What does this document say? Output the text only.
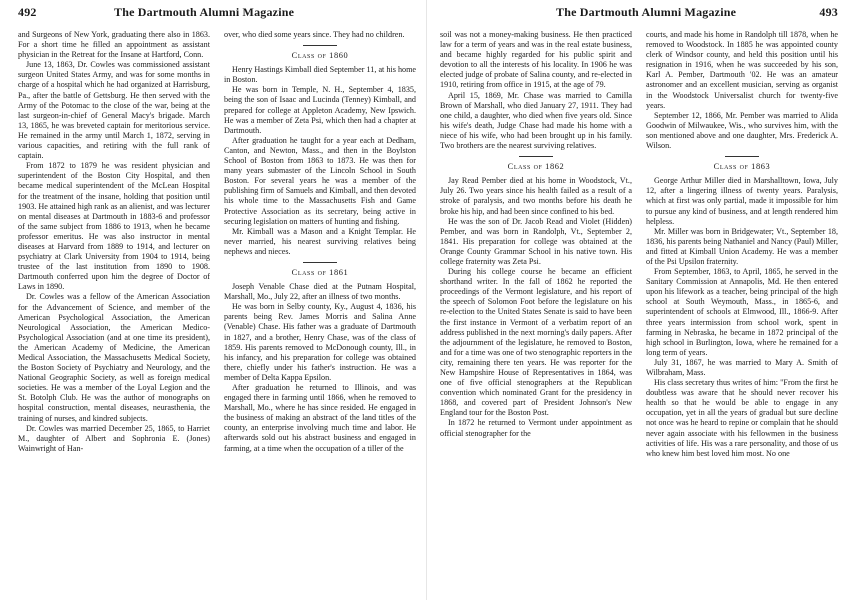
492	The Dartmouth Alumni Magazine

and Surgeons of New York, graduating there also in 1863. For a short time he filled an appointment as assistant physician in the Retreat for the Insane at Hartford, Conn.

June 13, 1863, Dr. Cowles was commissioned assistant surgeon United States Army, and was for some months in charge of a hospital which he had organized at Harrisburg, Pa., after the battle of Gettsburg. He then served with the Army of the Potomac to the close of the war, being at the last surgeon-in-chief of General Macy's brigade. March 13, 1865, he was breveted captain for meritorious service. He remained in the army until March 1, 1872, serving in various capacities, and retiring with the full rank of captain.

From 1872 to 1879 he was resident physician and superintendent of the Boston City Hospital, and then became medical superintendent of the McLean Hospital for the treatment of the insane, holding that position until 1903. He attained high rank as an alienist, and was lecturer on mental diseases at Dartmouth in 1883-6 and professor of the same subject from 1886 to 1913, when he became professor emeritus. He was also instructor in mental diseases at Harvard from 1889 to 1914, and lecturer on psychiatry at Clark University from 1904 to 1914, being trustee of the last institution from 1890 to 1908. Dartmouth conferred upon him the degree of Doctor of Laws in 1890.

Dr. Cowles was a fellow of the American Association for the Advancement of Science, and member of the American Psychological Association, the American Neurological Association, the American Medico-Psychological Association (and at one time its president), the American Academy of Medicine, the American Medical Association, the Massachusetts Medical Society, the Boston Society of Psychiatry and Neurology, and the National Geographic Society, as well as foreign medical societies. He was a member of the Loyal Legion and the St. Botolph Club. He was the author of monographs on hospital construction, mental diseases, neurasthenia, the training of nurses, and kindred subjects.

Dr. Cowles was married December 25, 1865, to Harriet M., daughter of Albert and Sophronia E. (Jones) Wainwright of Han-

over, who died some years since. They had no children.

Class of 1860

Henry Hastings Kimball died September 11, at his home in Boston.

He was born in Temple, N. H., September 4, 1835, being the son of Isaac and Lucinda (Tenney) Kimball, and prepared for college at Appleton Academy, New Ipswich. He was a member of Zeta Psi, which then had a chapter at Dartmouth.

After graduation he taught for a year each at Dedham, Canton, and Newton, Mass., and then in the Boylston School of Boston from 1863 to 1873. He was then for many years submaster of the Lincoln School in South Boston. For several years he was a member of the publishing firm of Samuels and Kimball, and then devoted his whole time to the Massachusetts Fish and Game Protective Association as its secretary, being active in securing legislation on matters of hunting and fishing.

Mr. Kimball was a Mason and a Knight Templar. He never married, his nearest surviving relatives being nephews and nieces.

Class of 1861

Joseph Venable Chase died at the Putnam Hospital, Marshall, Mo., July 22, after an illness of two months.

He was born in Selby county, Ky., August 4, 1836, his parents being Rev. James Morris and Salina Anne (Venable) Chase. His father was a graduate of Dartmouth in 1827, and a brother, Henry Chase, was of the class of 1859. His parents removed to McDonough county, Ill., in his infancy, and his preparation for college was obtained there, chiefly under his father's instruction. He was a member of Delta Kappa Epsilon.

After graduation he returned to Illinois, and was engaged there in farming until 1866, when he removed to Marshall, Mo., where he has since resided. He engaged in the business of making an abstract of the land titles of the county, an enterprise involving much time and labor. He afterwards sold out his abstract business and engaged in farming, at a time when the occupation of a tiller of the

The Dartmouth Alumni Magazine	493

soil was not a money-making business. He then practiced law for a term of years and was in the real estate business, and became highly regarded for his public spirit and devotion to all the interests of his locality. In 1906 he was elected judge of probate of Salina county, and re-elected in 1910, retiring from office in 1915, at the age of 79.

April 15, 1869, Mr. Chase was married to Camilla Brown of Marshall, who died January 27, 1911. They had one child, a daughter, who died when five years old. Since his wife's death, Judge Chase had made his home with a niece of his wife, who had been brought up in his family. Two brothers are the nearest surviving relatives.

Class of 1862

Jay Read Pember died at his home in Woodstock, Vt., July 26. Two years since his health failed as a result of a stroke of paralysis, and two months before his death he broke his hip, and had been since confined to his bed.

He was the son of Dr. Jacob Read and Violet (Hidden) Pember, and was born in Randolph, Vt., September 2, 1841. His preparation for college was obtained at the Orange County Grammar School in his native town. His college fraternity was Zeta Psi.

During his college course he became an efficient shorthand writer. In the fall of 1862 he reported the proceedings of the Vermont legislature, and his report of the speech of Solomon Foot before the legislature on his re-election to the United States Senate is said to have been the first instance in Vermont of a verbatim report of an address published in the next morning's daily papers. After the adjournment of the legislature, he removed to Boston, and for a time was one of two stenographic reporters in the city, remaining there ten years. He was reporter for the New Hampshire House of Representatives in 1864, was one of five official stenographers at the Republican convention which nominated Grant for the presidency in 1868, and covered part of President Johnson's New England tour for the Boston Post.

In 1872 he returned to Vermont under appointment as official stenographer for the

courts, and made his home in Randolph till 1878, when he removed to Woodstock. In 1885 he was appointed county clerk of Windsor county, and held this position until his resignation in 1916, when he was succeeded by his son, Karl A. Pember, Dartmouth '02. He was an amateur astronomer and an excellent musician, serving as organist in the Woodstock Universalist church for twenty-five years.

September 12, 1866, Mr. Pember was married to Alida Goodwin of Milwaukee, Wis., who survives him, with the son mentioned above and one daughter, Mrs. Frederick A. Wilson.

Class of 1863

George Arthur Miller died in Marshalltown, Iowa, July 12, after a lingering illness of twenty years. Paralysis, which at first was only partial, made it impossible for him to pursue any kind of business, and at length rendered him helpless.

Mr. Miller was born in Bridgewater; Vt., September 18, 1836, his parents being Nathaniel and Nancy (Paul) Miller, and fitted at Kimball Union Academy. He was a member of the Psi Upsilon fraternity.

From September, 1863, to April, 1865, he served in the Sanitary Commission at Annapolis, Md. He then entered upon his lifework as a teacher, being principal of the high school at South Weymouth, Mass., in 1865-6, and superintendent of schools at Elmwood, Ill., 1866-9. After three years intermission from school work, spent in farming in Nebraska, he became in 1872 principal of the high school in Burlington, Iowa, where he remained for a long term of years.

July 31, 1867, he was married to Mary A. Smith of Wilbraham, Mass.

His class secretary thus writes of him: "From the first he doubtless was aware that he should never recover his health so that he would be able to engage in any occupation, yet in all the years of gradual but sure decline not once was he heard to repine or complain that he should never again associate with his fellowmen in the business activities of life. His was a rare personality, and those of us who knew him best loved him most. No one
